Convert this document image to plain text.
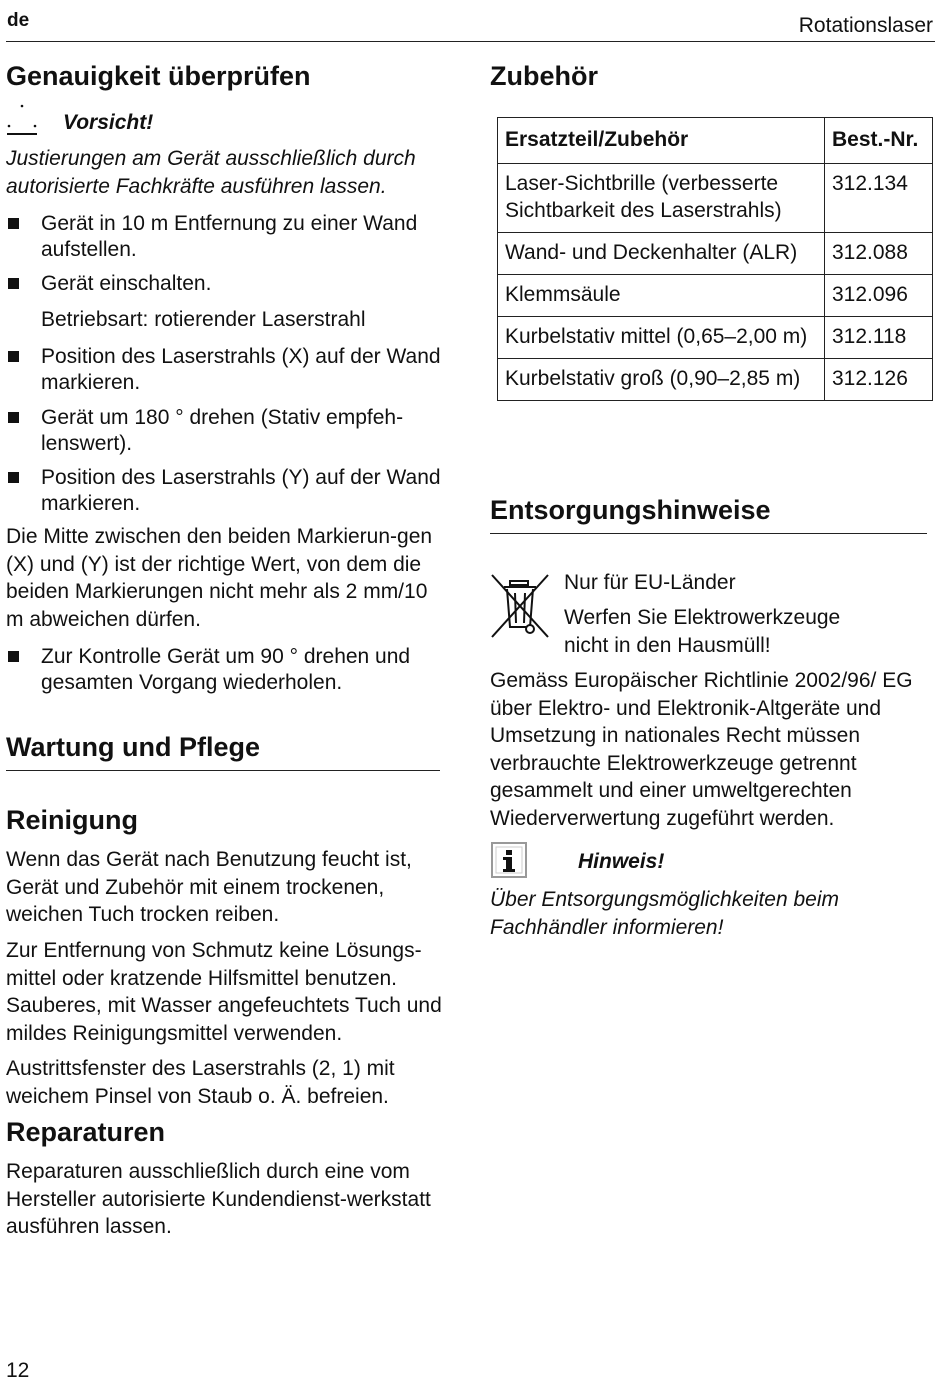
de	Rotationslaser
Genauigkeit überprüfen
Vorsicht!
Justierungen am Gerät ausschließlich durch autorisierte Fachkräfte ausführen lassen.
Gerät in 10 m Entfernung zu einer Wand aufstellen.
Gerät einschalten.
Betriebsart: rotierender Laserstrahl
Position des Laserstrahls (X) auf der Wand markieren.
Gerät um 180 ° drehen (Stativ empfeh-lenswert).
Position des Laserstrahls (Y) auf der Wand markieren.
Die Mitte zwischen den beiden Markierun-gen (X) und (Y) ist der richtige Wert, von dem die beiden Markierungen nicht mehr als 2 mm/10 m abweichen dürfen.
Zur Kontrolle Gerät um 90 ° drehen und gesamten Vorgang wiederholen.
Wartung und Pflege
Reinigung
Wenn das Gerät nach Benutzung feucht ist, Gerät und Zubehör mit einem trockenen, weichen Tuch trocken reiben.
Zur Entfernung von Schmutz keine Lösungs-mittel oder kratzende Hilfsmittel benutzen. Sauberes, mit Wasser angefeuchtets Tuch und mildes Reinigungsmittel verwenden.
Austrittsfenster des Laserstrahls (2, 1) mit weichem Pinsel von Staub o. Ä. befreien.
Reparaturen
Reparaturen ausschließlich durch eine vom Hersteller autorisierte Kundendienst-werkstatt ausführen lassen.
Zubehör
Ersatzteil/Zubehör	Best.-Nr.
Laser-Sichtbrille (verbesserte Sichtbarkeit des Laserstrahls)	312.134
Wand- und Deckenhalter (ALR)	312.088
Klemmsäule	312.096
Kurbelstativ mittel (0,65–2,00 m)	312.118
Kurbelstativ groß (0,90–2,85 m)	312.126
Entsorgungshinweise
Nur für EU-Länder
Werfen Sie Elektrowerkzeuge nicht in den Hausmüll!
Gemäss Europäischer Richtlinie 2002/96/ EG über Elektro- und Elektronik-Altgeräte und Umsetzung in nationales Recht müssen verbrauchte Elektrowerkzeuge getrennt gesammelt und einer umweltgerechten Wiederverwertung zugeführt werden.
Hinweis!
Über Entsorgungsmöglichkeiten beim Fachhändler informieren!
12
